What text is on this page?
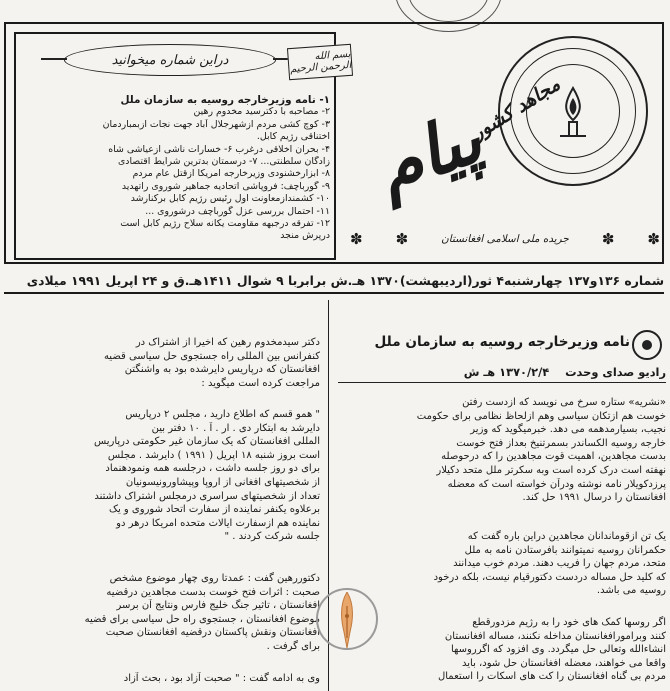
دراین شماره میخوانید	بسم الله الرحمن الرحیم
۱- نامه وزیرخارجه روسیه به سازمان ملل
۲- مصاحبه با دکترسید مخدوم رهین
۳- کوچ کشی مردم ازشهرجلال آباد جهت نجات ازبمباردمان
اختناقی رژیم کابل.
۴- بحران اخلاقی درغرب ۶- خسارات ناشی ازعیاشی شاه
زادگان سلطنتی... ۷- درسمتان بدترین شرایط اقتصادی
۸- ابزارخشنودی وزیرخارجه امریکا ازقتل عام مردم
۹- گورباچف: فروپاشی اتحادیه جماهیر شوروی راتهدید
۱۰- کشمندازمعاونت اول رئیس رژیم کابل برکنارشد
۱۱- احتمال بررسی عزل گورباچف درشوروی ...
۱۲- تفرقه درجبهه مقاومت یکانه سلاح رژیم کابل است
درپرش منجد
پیام
مجاهد کشور
✽
✽
جریده ملی اسلامی افغانستان
✽
✽
شماره ۱۳۶و۱۳۷ چهارشنبه۴ ثور(اردیبهشت)۱۳۷۰ هـ.ش برابربا ۹ شوال ۱۴۱۱هـ.ق و ۲۴ اپریل ۱۹۹۱ میلادی
نامه وزیرخارجه روسیه به سازمان ملل
رادیو صدای وحدت    ۱۳۷۰/۲/۴ هـ ش
«نشریه» ستاره سرخ می نویسد که ازدست رفتن
خوست هم ازتکان سیاسی وهم ازلحاظ نظامی برای حکومت
نجیب، بسیارمدهمه می دهد. خبرمیگوید که وزیر
خارجه روسیه الکساندر بسمرتنیخ بعداز فتح خوست
بدست مجاهدین، اهمیت قوت مجاهدین را که درحوصله
نهفته است درک کرده است وبه سکرتر ملل متحد دکیلار
پرزدکویلار نامه نوشته ودرآن خواسته است که معضله
افغانستان را درسال ۱۹۹۱ حل کند.
یک تن ازقوماندانان مجاهدین دراین باره گفت که
حکمرانان روسیه نمیتوانند بافرستادن نامه به ملل
متحد، مردم جهان را فریب دهند. مردم خوب میدانند
که کلید حل مساله دردست دکتورقیام نیست، بلکه درخود
روسیه می باشد.
اگر روسها کمک های خود را به رژیم مزدورقطع
کنند وبرامورافغانستان مداخله نکنند، مساله افغانستان
انشاءالله وتعالی حل میگردد. وی افزود که اگرروسها
واقعا می خواهند، معضله افغانستان حل شود، باید
مردم بی گناه افغانستان را کت های اسکات را استعمال
دکتر سیدمخدوم رهین که اخیرا از اشتراک در
کنفرانس بین المللی راه جستجوی حل سیاسی قضیه
افغانستان که درپاریس دایرشده بود به واشنگتن
مراجعت کرده است میگوید :
" همو قسم که اطلاع دارید ، مجلس ۲ درپاریس
دایرشد به ابتکار دی . ار . آ . ۱۰ دفتر بین
المللی افغانستان که یک سازمان غیر حکومتی درپاریس
است بروز شنبه ۱۸ اپریل ( ۱۹۹۱ ) دایرشد . مجلس
برای دو روز جلسه داشت ، درجلسه همه ونمودهنماد
از شخصیتهای افغانی از اروپا وپیشاورونیسونیان
تعداد از شخصیتهای سراسری درمجلس اشتراک داشتند
برعلاوه یکنفر نماینده از سفارت اتحاد شوروی و یک
نماینده هم ازسفارت ایالات متحده امریکا درهر دو
جلسه شرکت کردند . "
دکتوررهین گفت : عمدتا روی چهار موضوع مشخص
صحبت : اثرات فتح خوست بدست مجاهدین درقضیه
افغانستان ، تاثیر جنگ خلیج فارس ونتایج آن برسر
موضوع افغانستان ، جستجوی راه حل سیاسی برای قضیه
افغانستان ونقش پاکستان درقضیه افغانستان صحبت
برای گرفت .
وی به ادامه گفت : " صحبت آزاد بود ، بحث آزاد
